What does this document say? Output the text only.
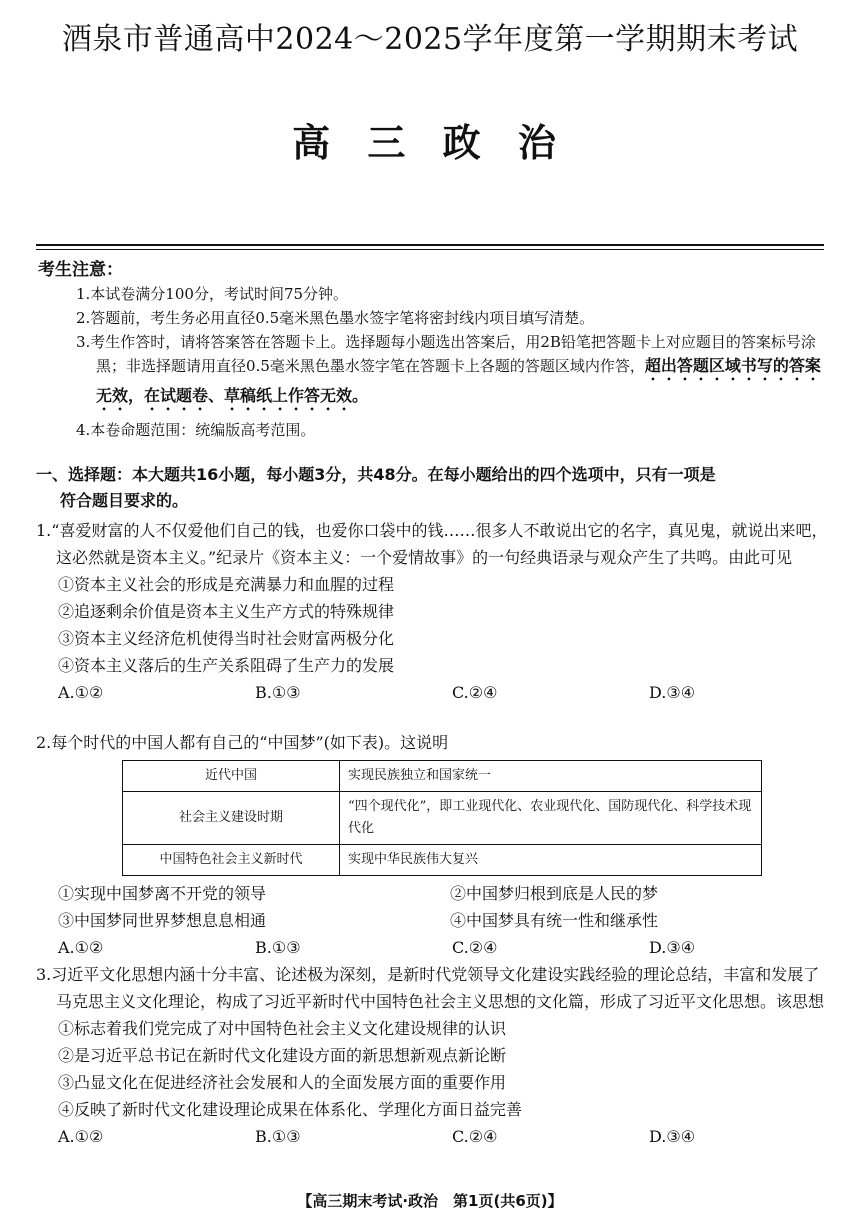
酒泉市普通高中2024～2025学年度第一学期期末考试
高 三 政 治
考生注意：

1.本试卷满分100分，考试时间75分钟。

2.答题前，考生务必用直径0.5毫米黑色墨水签字笔将密封线内项目填写清楚。

3.考生作答时，请将答案答在答题卡上。选择题每小题选出答案后，用2B铅笔把答题卡上对应题目的答案标号涂黑；非选择题请用直径0.5毫米黑色墨水签字笔在答题卡上各题的答题区域内作答，超出答题区域书写的答案无效，在试题卷、草稿纸上作答无效。

4.本卷命题范围：统编版高考范围。

一、选择题：本大题共16小题，每小题3分，共48分。在每小题给出的四个选项中，只有一项是
符合题目要求的。

1.“喜爱财富的人不仅爱他们自己的钱，也爱你口袋中的钱……很多人不敢说出它的名字，真见鬼，就说出来吧，这必然就是资本主义。”纪录片《资本主义：一个爱情故事》的一句经典语录与观众产生了共鸣。由此可见

①资本主义社会的形成是充满暴力和血腥的过程

②追逐剩余价值是资本主义生产方式的特殊规律

③资本主义经济危机使得当时社会财富两极分化

④资本主义落后的生产关系阻碍了生产力的发展

A.①②	B.①③	C.②④	D.③④

2.每个时代的中国人都有自己的“中国梦”(如下表)。这说明

近代中国	实现民族独立和国家统一
社会主义建设时期	“四个现代化”，即工业现代化、农业现代化、国防现代化、科学技术现代化
中国特色社会主义新时代	实现中华民族伟大复兴
①实现中国梦离不开党的领导	②中国梦归根到底是人民的梦
③中国梦同世界梦想息息相通	④中国梦具有统一性和继承性
A.①②	B.①③	C.②④	D.③④

3.习近平文化思想内涵十分丰富、论述极为深刻，是新时代党领导文化建设实践经验的理论总结，丰富和发展了马克思主义文化理论，构成了习近平新时代中国特色社会主义思想的文化篇，形成了习近平文化思想。该思想

①标志着我们党完成了对中国特色社会主义文化建设规律的认识

②是习近平总书记在新时代文化建设方面的新思想新观点新论断

③凸显文化在促进经济社会发展和人的全面发展方面的重要作用

④反映了新时代文化建设理论成果在体系化、学理化方面日益完善

A.①②	B.①③	C.②④	D.③④
【高三期末考试·政治　第1页(共6页)】
